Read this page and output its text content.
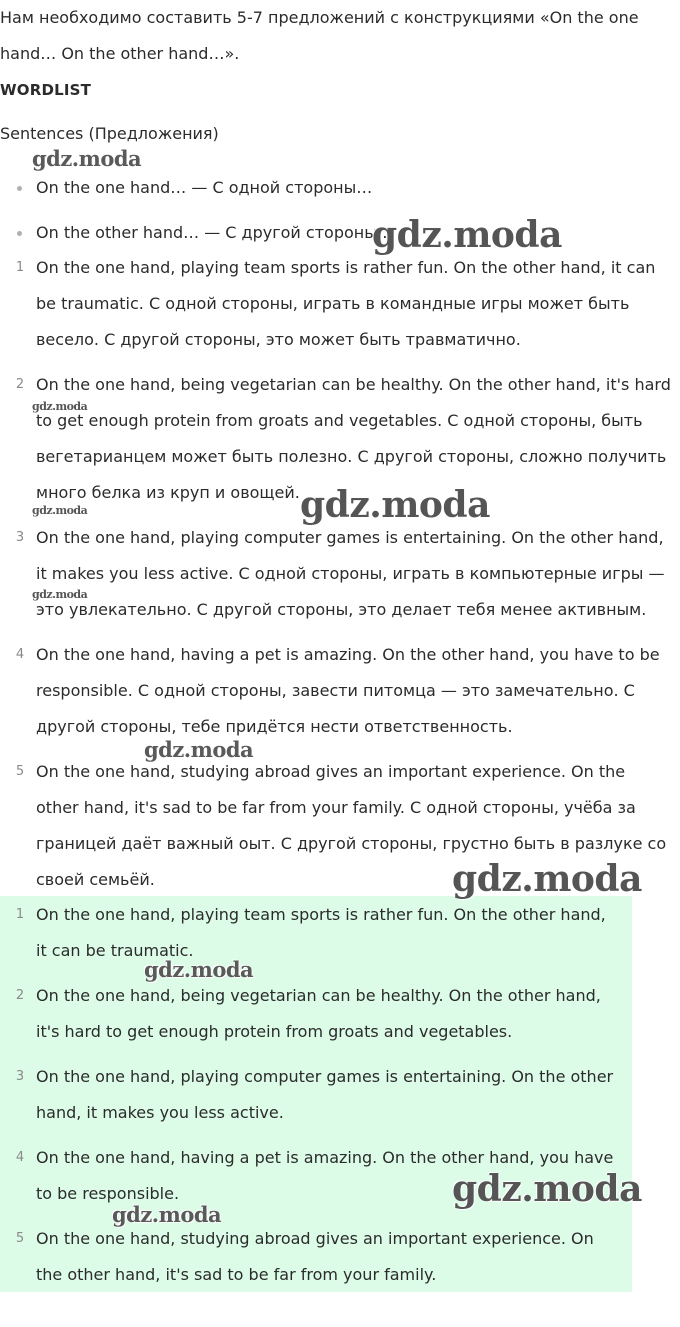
Нам необходимо составить 5-7 предложений с конструкциями «On the one hand… On the other hand…».

WORDLIST

Sentences (Предложения)

On the one hand… — С одной стороны…
On the other hand… — С другой стороны…
1 On the one hand, playing team sports is rather fun. On the other hand, it can be traumatic. С одной стороны, играть в командные игры может быть весело. С другой стороны, это может быть травматично.
2 On the one hand, being vegetarian can be healthy. On the other hand, it's hard to get enough protein from groats and vegetables. С одной стороны, быть вегетарианцем может быть полезно. С другой стороны, сложно получить много белка из круп и овощей.
3 On the one hand, playing computer games is entertaining. On the other hand, it makes you less active. С одной стороны, играть в компьютерные игры — это увлекательно. С другой стороны, это делает тебя менее активным.
4 On the one hand, having a pet is amazing. On the other hand, you have to be responsible. С одной стороны, завести питомца — это замечательно. С другой стороны, тебе придётся нести ответственность.
5 On the one hand, studying abroad gives an important experience. On the other hand, it's sad to be far from your family. С одной стороны, учёба за границей даёт важный оыт. С другой стороны, грустно быть в разлуке со своей семьёй.
1 On the one hand, playing team sports is rather fun. On the other hand, it can be traumatic.
2 On the one hand, being vegetarian can be healthy. On the other hand, it's hard to get enough protein from groats and vegetables.
3 On the one hand, playing computer games is entertaining. On the other hand, it makes you less active.
4 On the one hand, having a pet is amazing. On the other hand, you have to be responsible.
5 On the one hand, studying abroad gives an important experience. On the other hand, it's sad to be far from your family.
gdz.moda
gdz.moda
gdz.moda
gdz.moda	gdz.moda
gdz.moda
gdz.moda
gdz.moda
gdz.moda
gdz.moda
gdz.moda
